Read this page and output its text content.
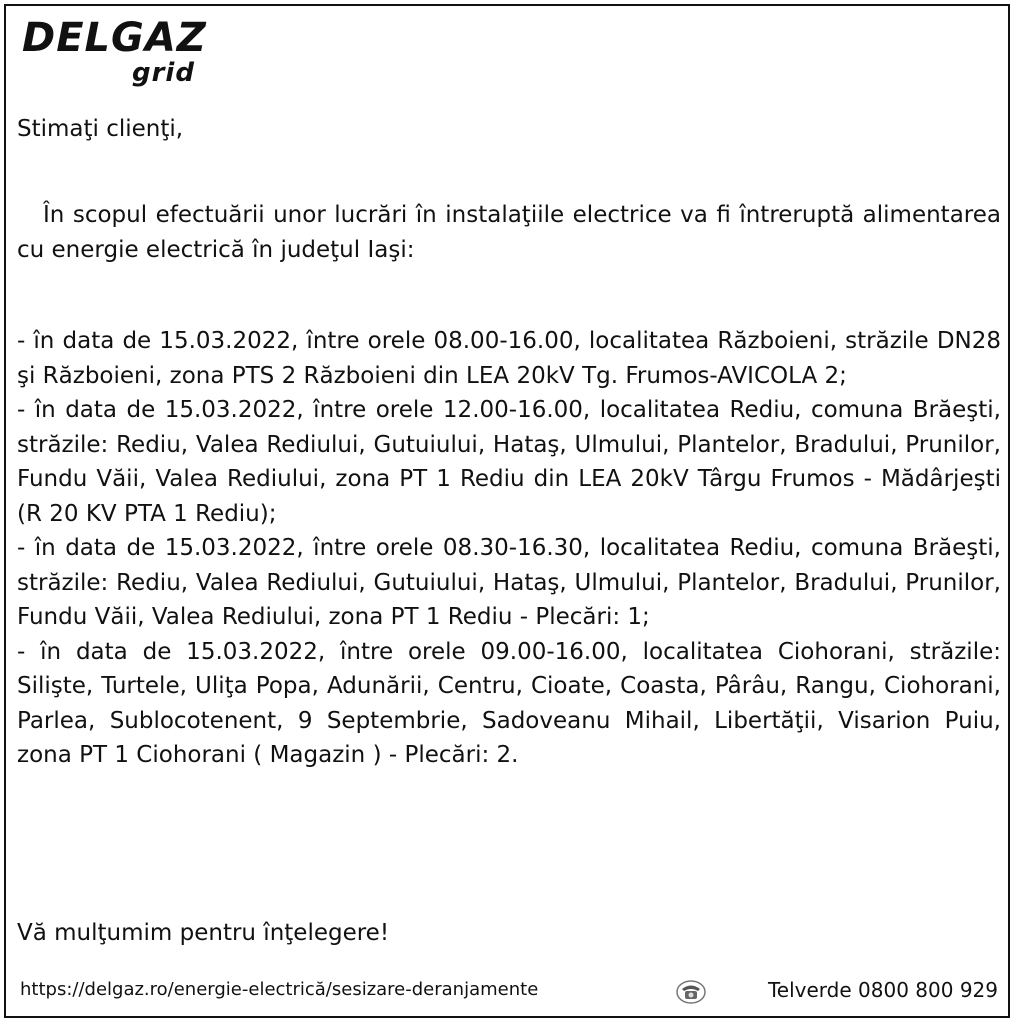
DELGAZ
grid
Stimaţi clienţi,
În scopul efectuării unor lucrări în instalaţiile electrice va fi întreruptă alimentarea cu energie electrică în judeţul Iaşi:

- în data de 15.03.2022, între orele 08.00-16.00, localitatea Războieni, străzile DN28 şi Războieni, zona PTS 2 Războieni din LEA 20kV Tg. Frumos-AVICOLA 2;

- în data de 15.03.2022, între orele 12.00-16.00, localitatea Rediu, comuna Brăeşti, străzile: Rediu, Valea Rediului, Gutuiului, Hataş, Ulmului, Plantelor, Bradului, Prunilor, Fundu Văii, Valea Rediului, zona PT 1 Rediu din LEA 20kV Târgu Frumos - Mădârjeşti (R 20 KV PTA 1 Rediu);

- în data de 15.03.2022, între orele 08.30-16.30, localitatea Rediu, comuna Brăeşti, străzile: Rediu, Valea Rediului, Gutuiului, Hataş, Ulmului, Plantelor, Bradului, Prunilor, Fundu Văii, Valea Rediului, zona PT 1 Rediu - Plecări: 1;

- în data de 15.03.2022, între orele 09.00-16.00, localitatea Ciohorani, străzile: Silişte, Turtele, Uliţa Popa, Adunării, Centru, Cioate, Coasta, Pârâu, Rangu, Ciohorani, Parlea, Sublocotenent, 9 Septembrie, Sadoveanu Mihail, Libertăţii, Visarion Puiu, zona PT 1 Ciohorani ( Magazin ) - Plecări: 2.

Vă mulţumim pentru înţelegere!
https://delgaz.ro/energie-electrică/sesizare-deranjamente	Telverde 0800 800 929
